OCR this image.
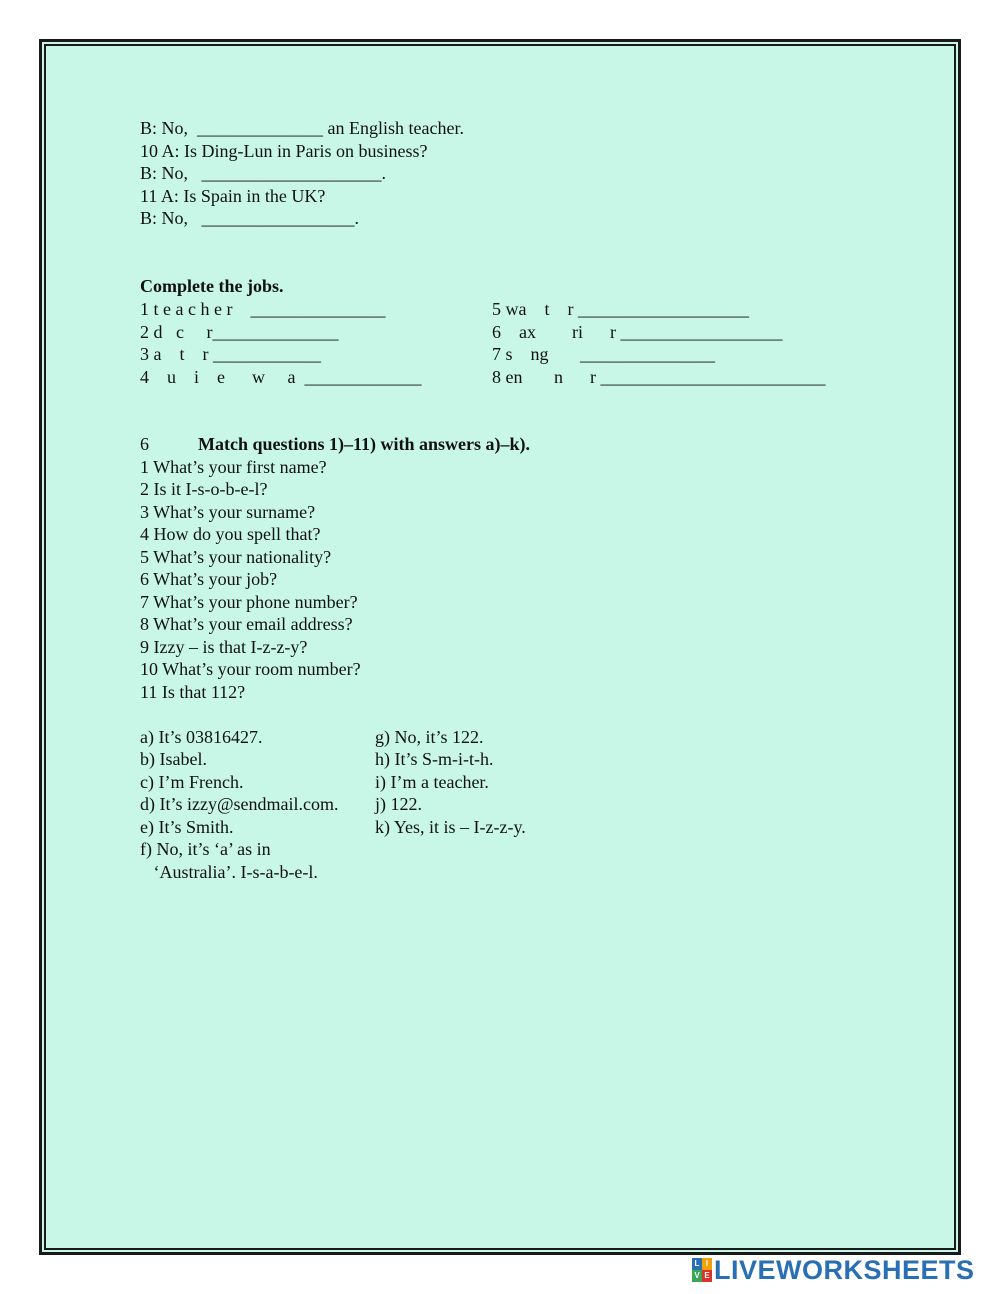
B: No,  ______________ an English teacher.
10 A: Is Ding-Lun in Paris on business?
B: No,   ____________________.
11 A: Is Spain in the UK?
B: No,   _________________.
Complete the jobs.
1 t e a c h e r    _______________
2 d   c     r______________
3 a    t    r ____________
4    u    i    e      w     a  _____________
5 wa    t    r ___________________
6    ax        ri      r __________________
7 s    ng       _______________
8 en       n      r _________________________
6	Match questions 1)–11) with answers a)–k).
1 What’s your first name?
2 Is it I-s-o-b-e-l?
3 What’s your surname?
4 How do you spell that?
5 What’s your nationality?
6 What’s your job?
7 What’s your phone number?
8 What’s your email address?
9 Izzy – is that I-z-z-y?
10 What’s your room number?
11 Is that 112?
a) It’s 03816427.
b) Isabel.
c) I’m French.
d) It’s izzy@sendmail.com.
e) It’s Smith.
f) No, it’s ‘a’ as in
‘Australia’. I-s-a-b-e-l.
g) No, it’s 122.
h) It’s S-m-i-t-h.
i) I’m a teacher.
j) 122.
k) Yes, it is – I-z-z-y.
L I
V E LIVEWORKSHEETS
